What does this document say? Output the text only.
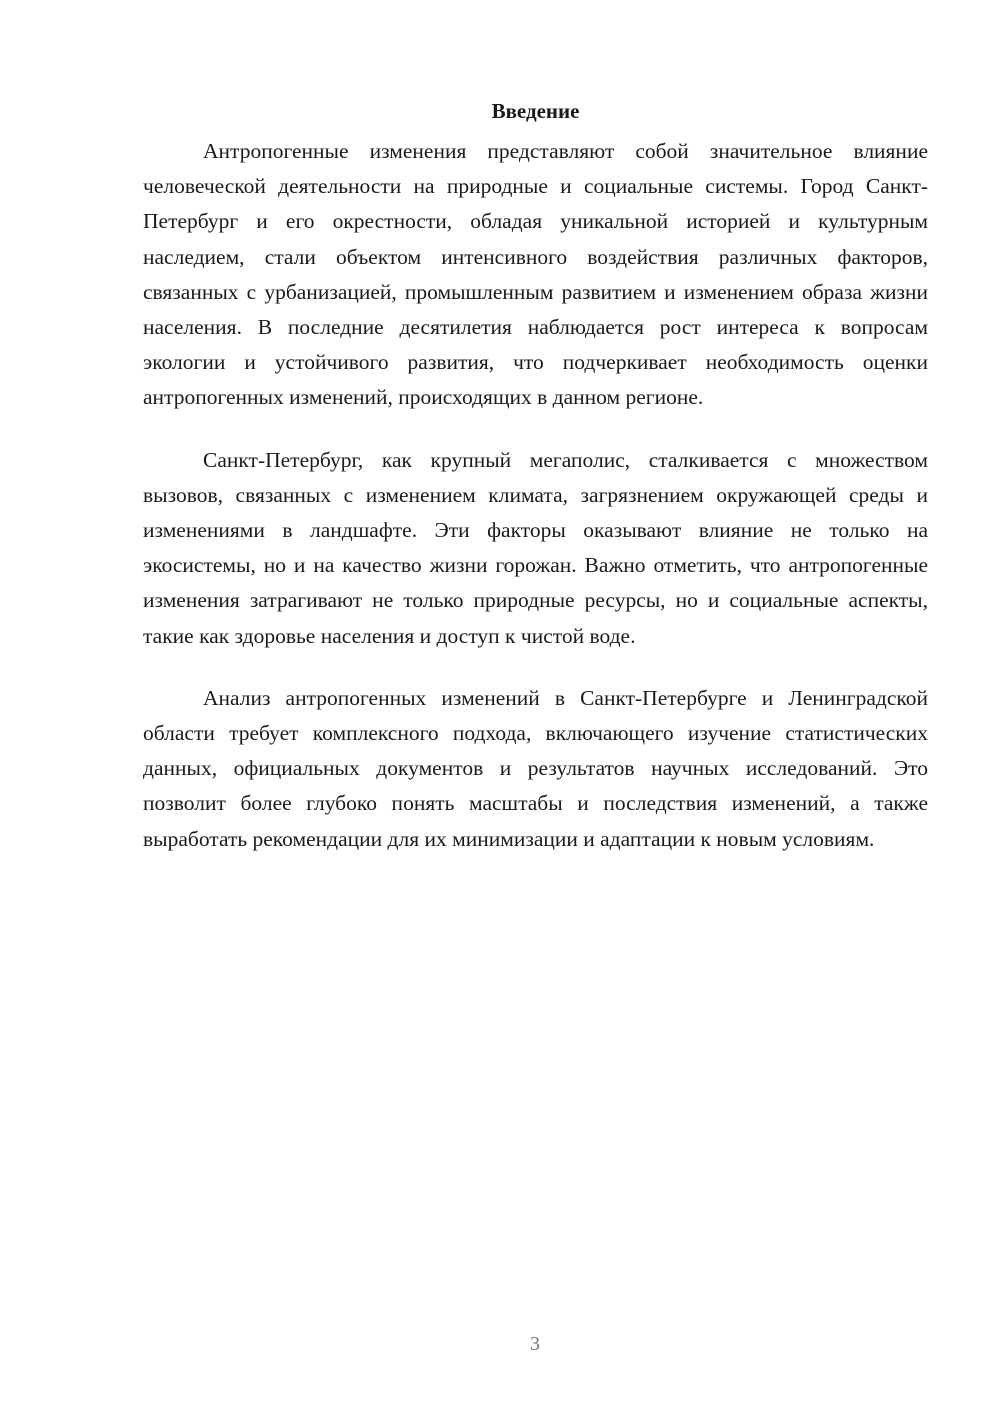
Введение

Антропогенные изменения представляют собой значительное влияние человеческой деятельности на природные и социальные системы. Город Санкт-Петербург и его окрестности, обладая уникальной историей и культурным наследием, стали объектом интенсивного воздействия различных факторов, связанных с урбанизацией, промышленным развитием и изменением образа жизни населения. В последние десятилетия наблюдается рост интереса к вопросам экологии и устойчивого развития, что подчеркивает необходимость оценки антропогенных изменений, происходящих в данном регионе.

Санкт-Петербург, как крупный мегаполис, сталкивается с множеством вызовов, связанных с изменением климата, загрязнением окружающей среды и изменениями в ландшафте. Эти факторы оказывают влияние не только на экосистемы, но и на качество жизни горожан. Важно отметить, что антропогенные изменения затрагивают не только природные ресурсы, но и социальные аспекты, такие как здоровье населения и доступ к чистой воде.

Анализ антропогенных изменений в Санкт-Петербурге и Ленинградской области требует комплексного подхода, включающего изучение статистических данных, официальных документов и результатов научных исследований. Это позволит более глубоко понять масштабы и последствия изменений, а также выработать рекомендации для их минимизации и адаптации к новым условиям.

3
